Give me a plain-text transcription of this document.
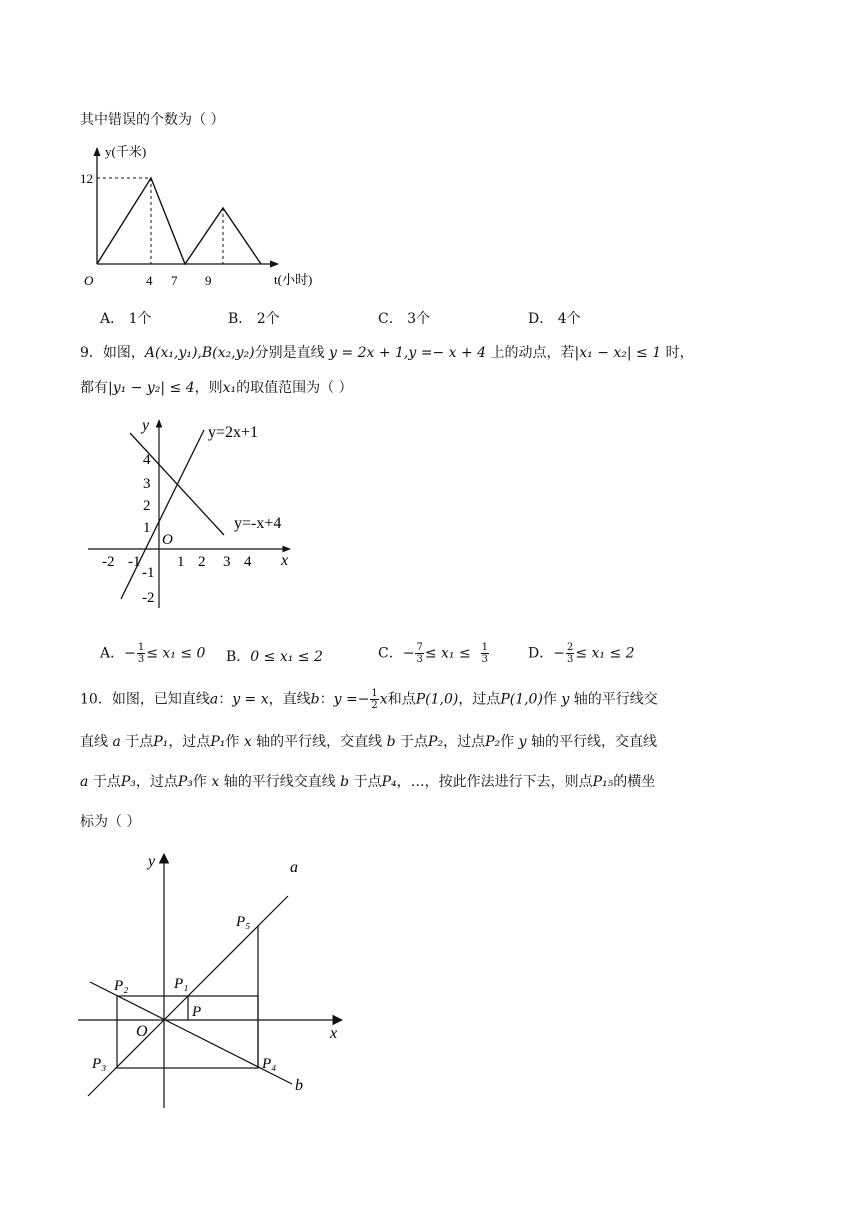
其中错误的个数为（ ）
y(千米)
t(小时)
O
12
4 7 9
A． 1个	B． 2个	C． 3个	D． 4个
9．如图，A(x₁,y₁),B(x₂,y₂)分别是直线 y = 2x + 1,y =− x + 4 上的动点，若|x₁ − x₂| ≤ 1 时，
都有|y₁ − y₂| ≤ 4，则x₁的取值范围为（ ）
y
x
O
y=2x+1
y=-x+4
-2 -1 1 2 3 4
4
3
2
1
-1
-2
A．− $\frac{1}{3} \le x_1 \le 0$ B．0 ≤ x₁ ≤ 2	C．− $\frac{7}{3} \le x_1 \le \frac{1}{3}$	D．− $\frac{2}{3} \le x_1 \le 2$
10．如图，已知直线a：y = x，直线b：$y =- \frac{1}{2}$ x和点P(1,0)，过点P(1,0)作 y 轴的平行线交
直线 a 于点P₁，过点P₁作 x 轴的平行线，交直线 b 于点P₂，过点P₂作 y 轴的平行线，交直线
a 于点P₃，过点P₃作 x 轴的平行线交直线 b 于点P₄，…，按此作法进行下去，则点P₁₅的横坐
标为（ ）
y
x
O
a
b
P
P₁
P₂
P₃	P₄
P₅
